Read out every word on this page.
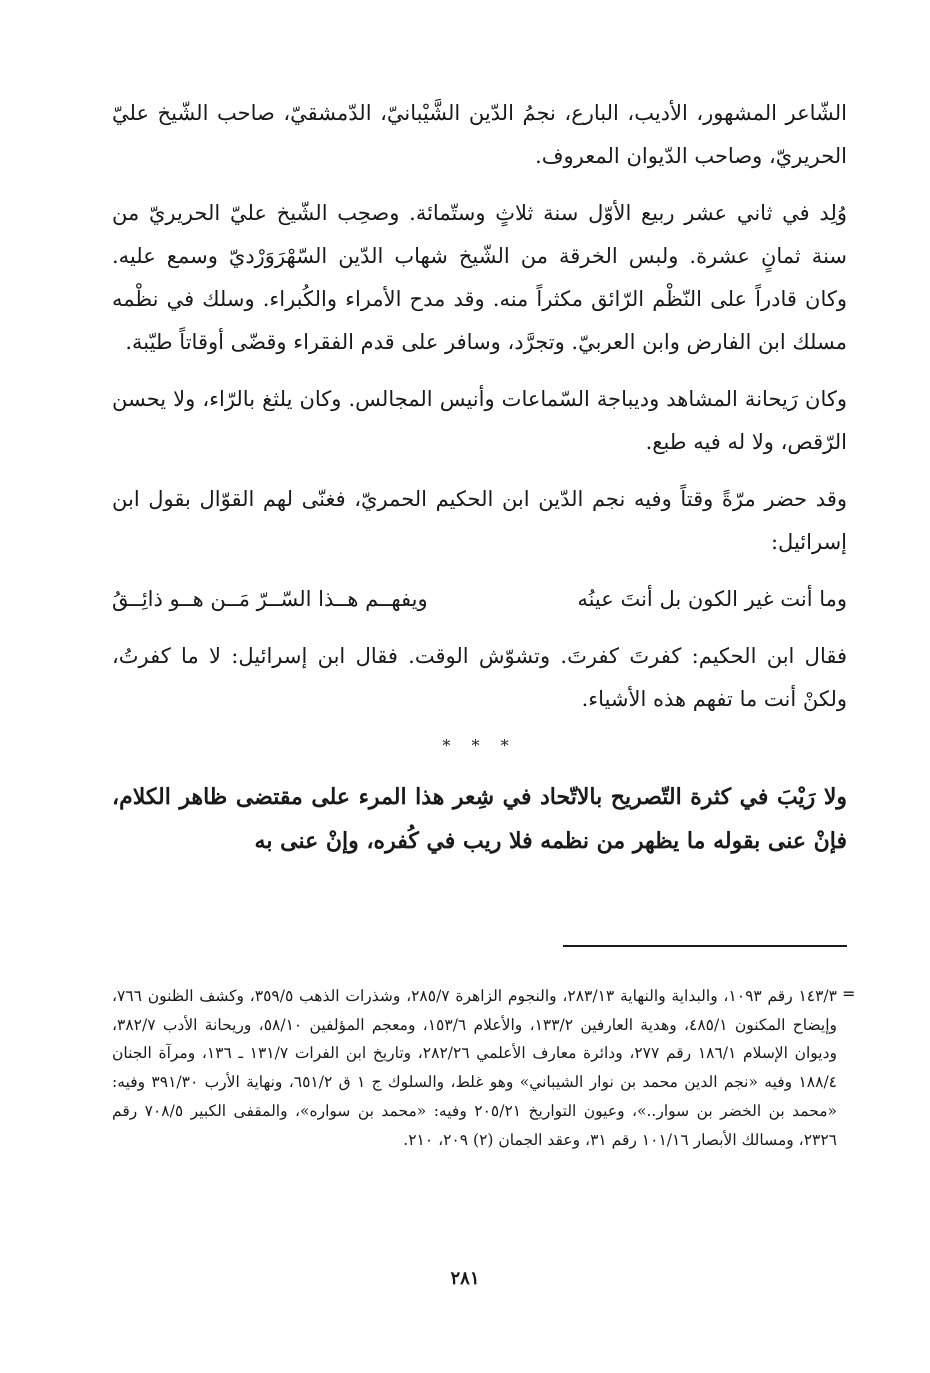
الشّاعر المشهور، الأديب، البارع، نجمُ الدّين الشَّيْبانيّ، الدّمشقيّ، صاحب الشّيخ عليّ الحريريّ، وصاحب الدّيوان المعروف.

وُلِد في ثاني عشر ربيع الأوّل سنة ثلاثٍ وستّمائة. وصحِب الشّيخ عليّ الحريريّ من سنة ثمانٍ عشرة. ولبس الخرقة من الشّيخ شهاب الدّين السّهْرَوَرْديّ وسمع عليه. وكان قادراً على النّظْم الرّائق مكثراً منه. وقد مدح الأمراء والكُبراء. وسلك في نظْمه مسلك ابن الفارض وابن العربيّ. وتجرَّد، وسافر على قدم الفقراء وقضّى أوقاتاً طيّبة.

وكان رَيحانة المشاهد وديباجة السّماعات وأنيس المجالس. وكان يلثغ بالرّاء، ولا يحسن الرّقص، ولا له فيه طبع.

وقد حضر مرّةً وقتاً وفيه نجم الدّين ابن الحكيم الحمريّ، فغنّى لهم القوّال بقول ابن إسرائيل:

وما أنت غير الكون بل أنتَ عينُه
ويفهــم هــذا السّــرّ مَــن هــو ذائِــقُ

فقال ابن الحكيم: كفرتَ كفرتَ. وتشوّش الوقت. فقال ابن إسرائيل: لا ما كفرتُ، ولكنْ أنت ما تفهم هذه الأشياء.

* * *

ولا رَيْبَ في كثرة التّصريح بالاتّحاد في شِعر هذا المرء على مقتضى ظاهر الكلام، فإنْ عنى بقوله ما يظهر من نظمه فلا ريب في كُفره، وإنْ عنى به

=
١٤٣/٣ رقم ١٠٩٣، والبداية والنهاية ٢٨٣/١٣، والنجوم الزاهرة ٢٨٥/٧، وشذرات الذهب ٣٥٩/٥، وكشف الظنون ٧٦٦، وإيضاح المكنون ٤٨٥/١، وهدية العارفين ١٣٣/٢، والأعلام ١٥٣/٦، ومعجم المؤلفين ٥٨/١٠، وريحانة الأدب ٣٨٢/٧، وديوان الإسلام ١٨٦/١ رقم ٢٧٧، ودائرة معارف الأعلمي ٢٨٢/٢٦، وتاريخ ابن الفرات ١٣١/٧ ـ ١٣٦، ومرآة الجنان ١٨٨/٤ وفيه «نجم الدين محمد بن نوار الشيباني» وهو غلط، والسلوك ج ١ ق ٦٥١/٢، ونهاية الأرب ٣٩١/٣٠ وفيه: «محمد بن الخضر بن سوار..»، وعيون التواريخ ٢٠٥/٢١ وفيه: «محمد بن سواره»، والمقفى الكبير ٧٠٨/٥ رقم ٢٣٢٦، ومسالك الأبصار ١٠١/١٦ رقم ٣١، وعقد الجمان (٢) ٢٠٩، ٢١٠.
٢٨١
